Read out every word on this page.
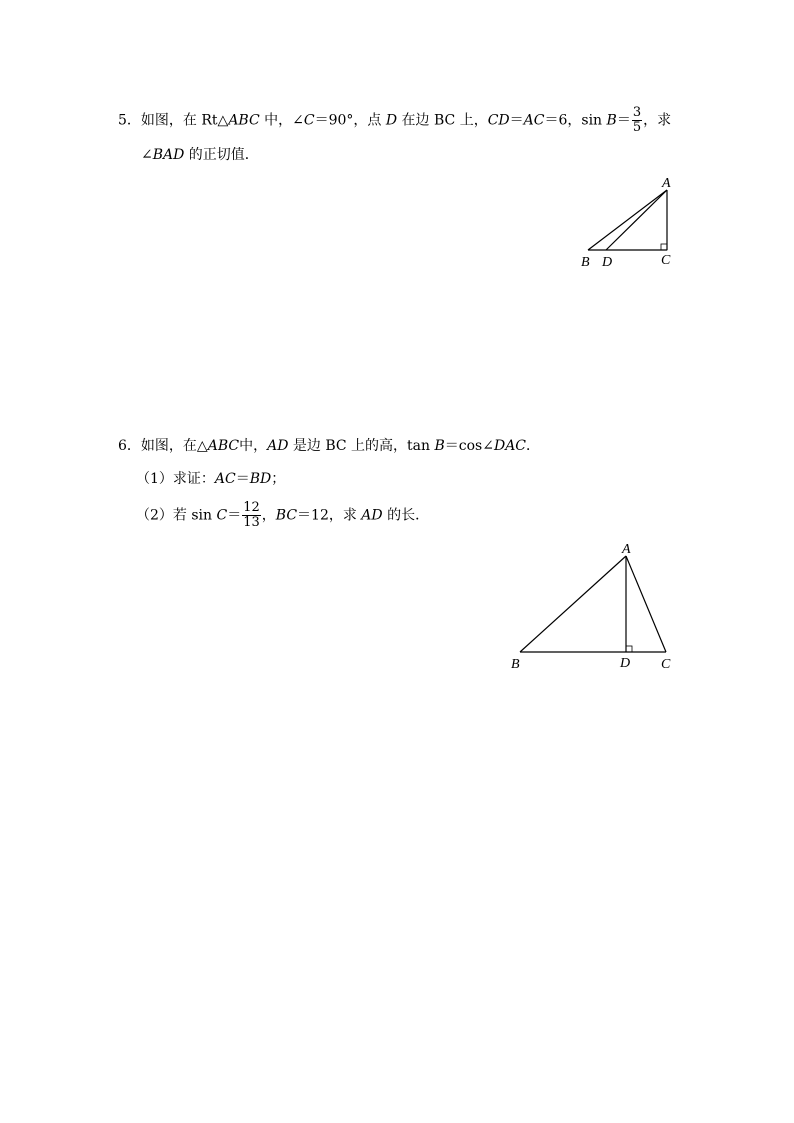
5．如图，在 Rt△ABC 中，∠C＝90°，点 D 在边 BC 上，CD＝AC＝6，$\sin B= \frac{3}{5}$ ，求
∠BAD 的正切值．
A
B D	C
6．如图，在△ABC中，AD 是边 BC 上的高，tan B＝cos∠DAC．
（1）求证：AC＝BD；
（2）若 $\sin C= \frac{12}{13}$ ，BC＝12，求 AD 的长．
A
B	D C
